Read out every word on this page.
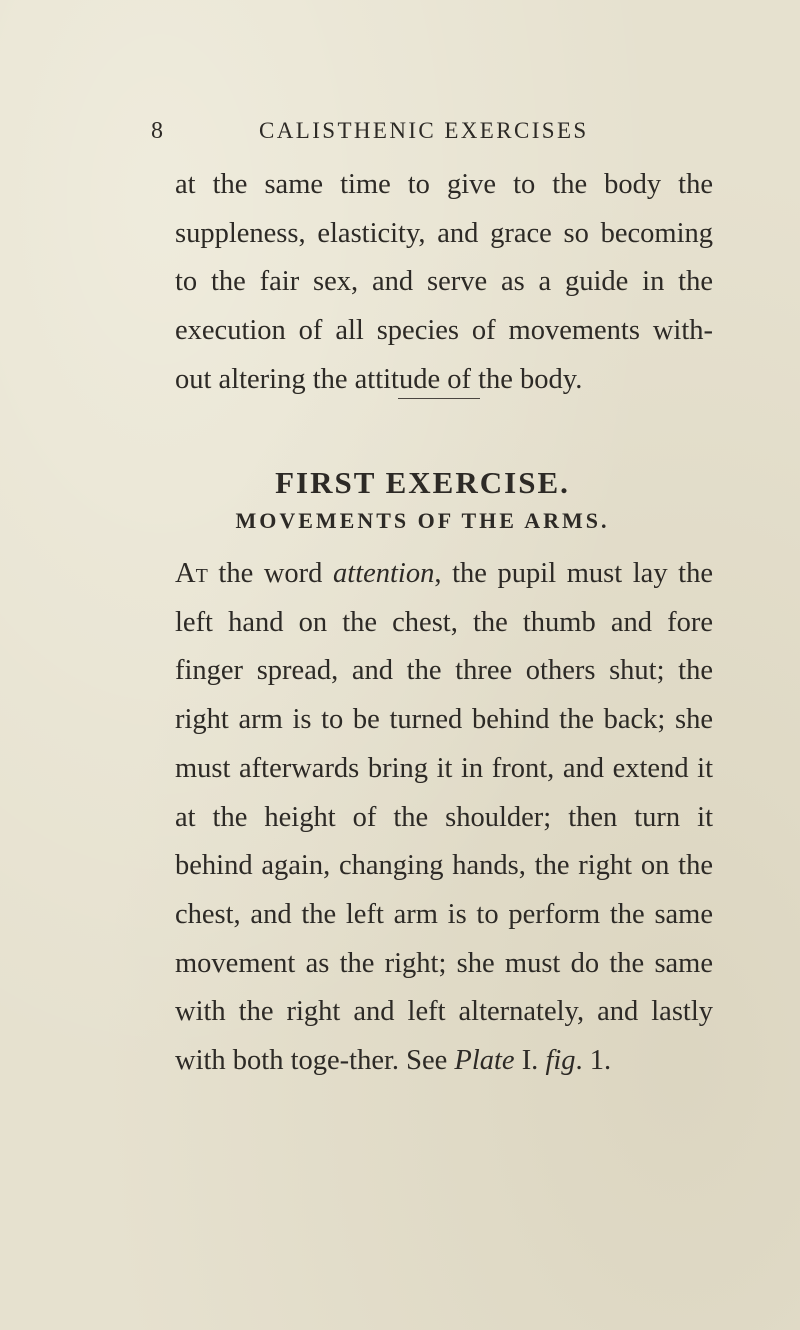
8	CALISTHENIC EXERCISES

at the same time to give to the body the suppleness, elasticity, and grace so becoming to the fair sex, and serve as a guide in the execution of all species of movements with-out altering the attitude of the body.

FIRST EXERCISE.
MOVEMENTS OF THE ARMS.

At the word attention, the pupil must lay the left hand on the chest, the thumb and fore finger spread, and the three others shut; the right arm is to be turned behind the back; she must afterwards bring it in front, and extend it at the height of the shoulder; then turn it behind again, changing hands, the right on the chest, and the left arm is to perform the same movement as the right; she must do the same with the right and left alternately, and lastly with both toge-ther. See Plate I. fig. 1.
